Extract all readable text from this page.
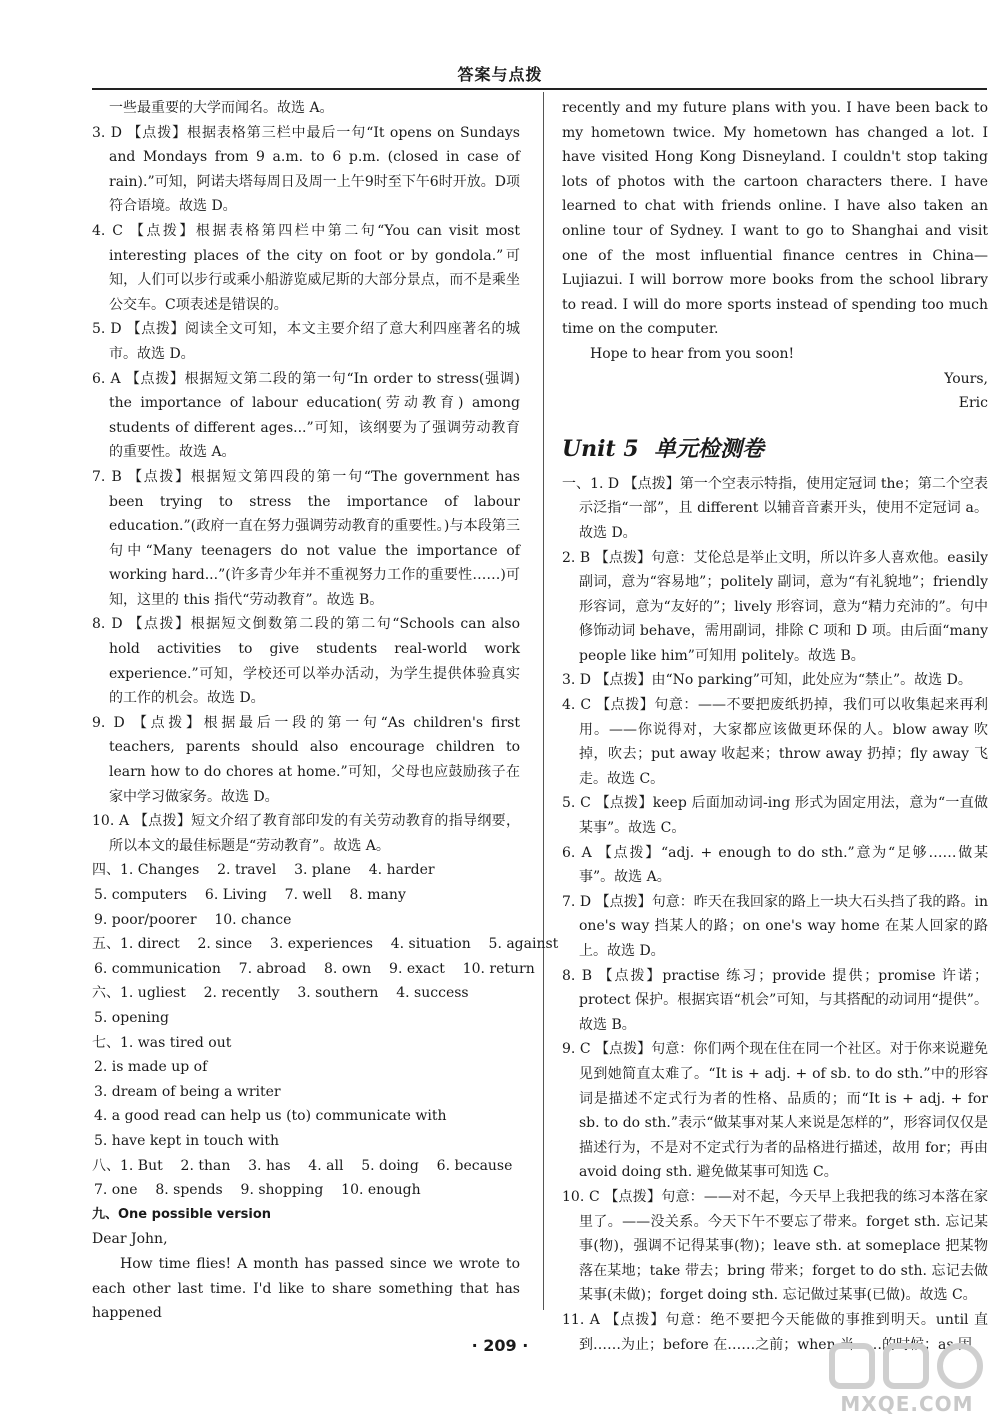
答案与点拨

一些最重要的大学而闻名。故选 A。

3. D 【点拨】根据表格第三栏中最后一句“It opens on Sundays and Mondays from 9 a.m. to 6 p.m. (closed in case of rain).”可知，阿诺夫塔每周日及周一上午9时至下午6时开放。D项符合语境。故选 D。

4. C 【点拨】根据表格第四栏中第二句“You can visit most interesting places of the city on foot or by gondola.”可知，人们可以步行或乘小船游览威尼斯的大部分景点，而不是乘坐公交车。C项表述是错误的。

5. D 【点拨】阅读全文可知，本文主要介绍了意大利四座著名的城市。故选 D。

6. A 【点拨】根据短文第二段的第一句“In order to stress(强调) the importance of labour education(劳动教育) among students of different ages...”可知，该纲要为了强调劳动教育的重要性。故选 A。

7. B 【点拨】根据短文第四段的第一句“The government has been trying to stress the importance of labour education.”(政府一直在努力强调劳动教育的重要性。)与本段第三句中“Many teenagers do not value the importance of working hard...”(许多青少年并不重视努力工作的重要性……)可知，这里的 this 指代“劳动教育”。故选 B。

8. D 【点拨】根据短文倒数第二段的第二句“Schools can also hold activities to give students real-world work experience.”可知，学校还可以举办活动，为学生提供体验真实的工作的机会。故选 D。

9. D 【点拨】根据最后一段的第一句“As children's first teachers, parents should also encourage children to learn how to do chores at home.”可知，父母也应鼓励孩子在家中学习做家务。故选 D。

10. A 【点拨】短文介绍了教育部印发的有关劳动教育的指导纲要，所以本文的最佳标题是“劳动教育”。故选 A。

四、1. Changes    2. travel    3. plane    4. harder

5. computers    6. Living    7. well    8. many

9. poor/poorer    10. chance

五、1. direct    2. since    3. experiences    4. situation    5. against

6. communication    7. abroad    8. own    9. exact    10. return

六、1. ugliest    2. recently    3. southern    4. success

5. opening

七、1. was tired out

2. is made up of

3. dream of being a writer

4. a good read can help us (to) communicate with

5. have kept in touch with

八、1. But    2. than    3. has    4. all    5. doing    6. because

7. one    8. spends    9. shopping    10. enough

九、One possible version

Dear John,

How time flies! A month has passed since we wrote to each other last time. I'd like to share something that has happened

recently and my future plans with you. I have been back to my hometown twice. My hometown has changed a lot. I have visited Hong Kong Disneyland. I couldn't stop taking lots of photos with the cartoon characters there. I have learned to chat with friends online. I have also taken an online tour of Sydney. I want to go to Shanghai and visit one of the most influential finance centres in China—Lujiazui. I will borrow more books from the school library to read. I will do more sports instead of spending too much time on the computer.

Hope to hear from you soon!

Yours,

Eric

Unit 5  单元检测卷

一、1. D 【点拨】第一个空表示特指，使用定冠词 the；第二个空表示泛指“一部”，且 different 以辅音音素开头，使用不定冠词 a。故选 D。

2. B 【点拨】句意：艾伦总是举止文明，所以许多人喜欢他。easily 副词，意为“容易地”；politely 副词，意为“有礼貌地”；friendly 形容词，意为“友好的”；lively 形容词，意为“精力充沛的”。句中修饰动词 behave，需用副词，排除 C 项和 D 项。由后面“many people like him”可知用 politely。故选 B。

3. D 【点拨】由“No parking”可知，此处应为“禁止”。故选 D。

4. C 【点拨】句意：——不要把废纸扔掉，我们可以收集起来再利用。——你说得对，大家都应该做更环保的人。blow away 吹掉，吹去；put away 收起来；throw away 扔掉；fly away 飞走。故选 C。

5. C 【点拨】keep 后面加动词-ing 形式为固定用法，意为“一直做某事”。故选 C。

6. A 【点拨】“adj. + enough to do sth.”意为“足够……做某事”。故选 A。

7. D 【点拨】句意：昨天在我回家的路上一块大石头挡了我的路。in one's way 挡某人的路；on one's way home 在某人回家的路上。故选 D。

8. B 【点拨】practise 练习；provide 提供；promise 许诺；protect 保护。根据宾语“机会”可知，与其搭配的动词用“提供”。故选 B。

9. C 【点拨】句意：你们两个现在住在同一个社区。对于你来说避免见到她简直太难了。“It is + adj. + of sb. to do sth.”中的形容词是描述不定式行为者的性格、品质的；而“It is + adj. + for sb. to do sth.”表示“做某事对某人来说是怎样的”，形容词仅仅是描述行为，不是对不定式行为者的品格进行描述，故用 for；再由 avoid doing sth. 避免做某事可知选 C。

10. C 【点拨】句意：——对不起，今天早上我把我的练习本落在家里了。——没关系。今天下午不要忘了带来。forget sth. 忘记某事(物)，强调不记得某事(物)；leave sth. at someplace 把某物落在某地；take 带去；bring 带来；forget to do sth. 忘记去做某事(未做)；forget doing sth. 忘记做过某事(已做)。故选 C。

11. A 【点拨】句意：绝不要把今天能做的事推到明天。until 直到……为止；before 在……之前；when 当……的时候；as 因

· 209 ·
MXQE.COM
